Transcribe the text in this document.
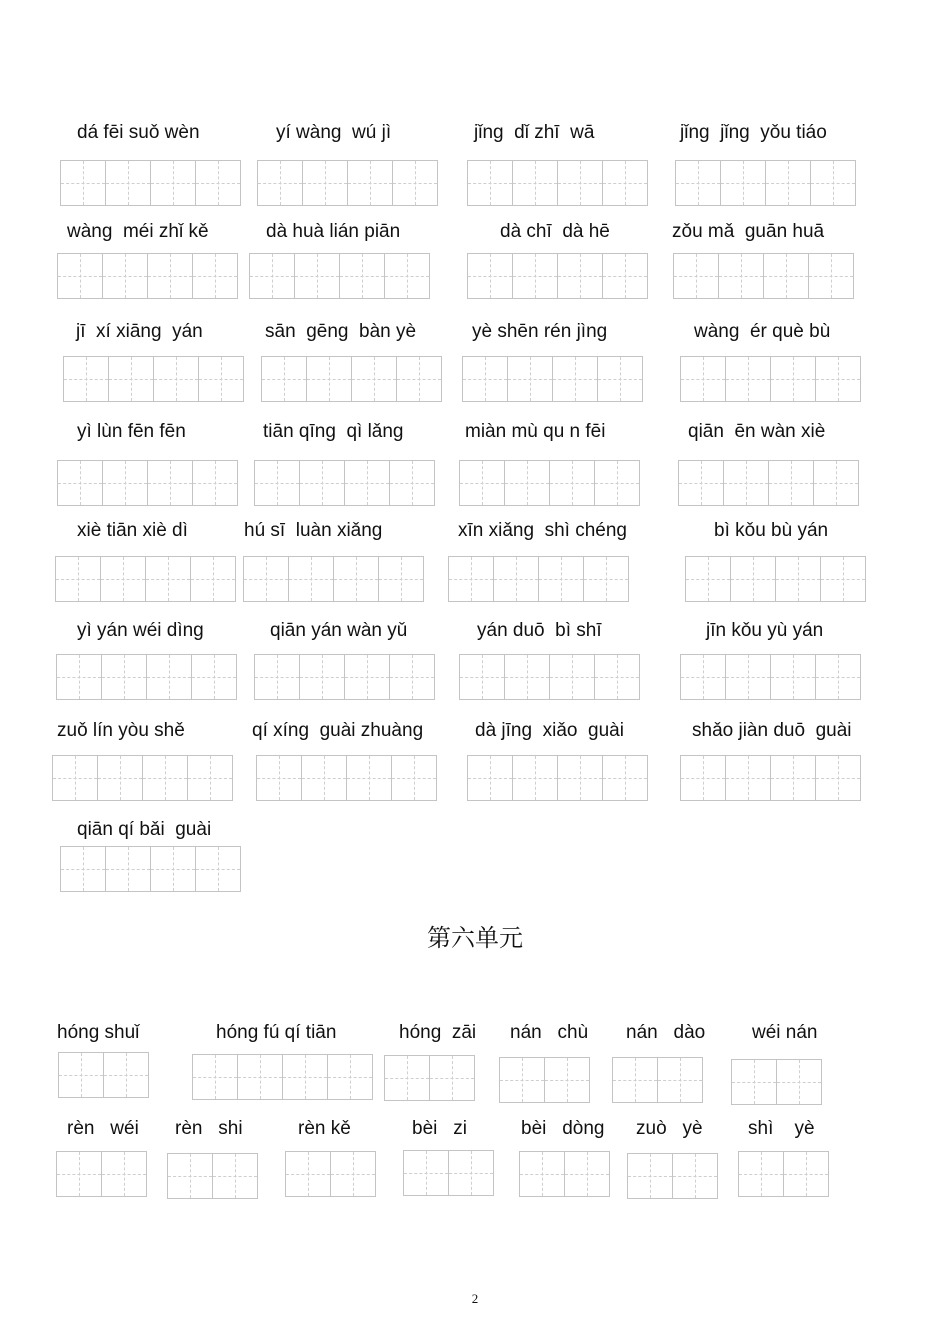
dá fēi suǒ wèn	yí wàng  wú jì	jǐng  dǐ zhī  wā	jǐng  jǐng  yǒu tiáo
wàng  méi zhǐ kě	dà huà lián piān	dà chī  dà hē	zǒu mǎ  guān huā
jī  xí xiāng  yán	sān  gēng  bàn yè	yè shēn rén jìng	wàng  ér què bù
yì lùn fēn fēn	tiān qīng  qì lǎng	miàn mù qu n fēi	qiān  ēn wàn xiè
xiè tiān xiè dì	hú sī  luàn xiǎng	xīn xiǎng  shì chéng	bì kǒu bù yán
yì yán wéi dìng	qiān yán wàn yǔ	yán duō  bì shī	jīn kǒu yù yán
zuǒ lín yòu shě	qí xíng  guài zhuàng	dà jīng  xiǎo  guài	shǎo jiàn duō  guài
qiān qí bǎi  guài
hóng shuǐ	hóng fú qí tiān	hóng  zāi nán   chù nán   dào wéi nán
rèn   wéi rèn   shi	rèn kě	bèi   zi	bèi   dòng zuò   yè shì    yè
第六单元
2
